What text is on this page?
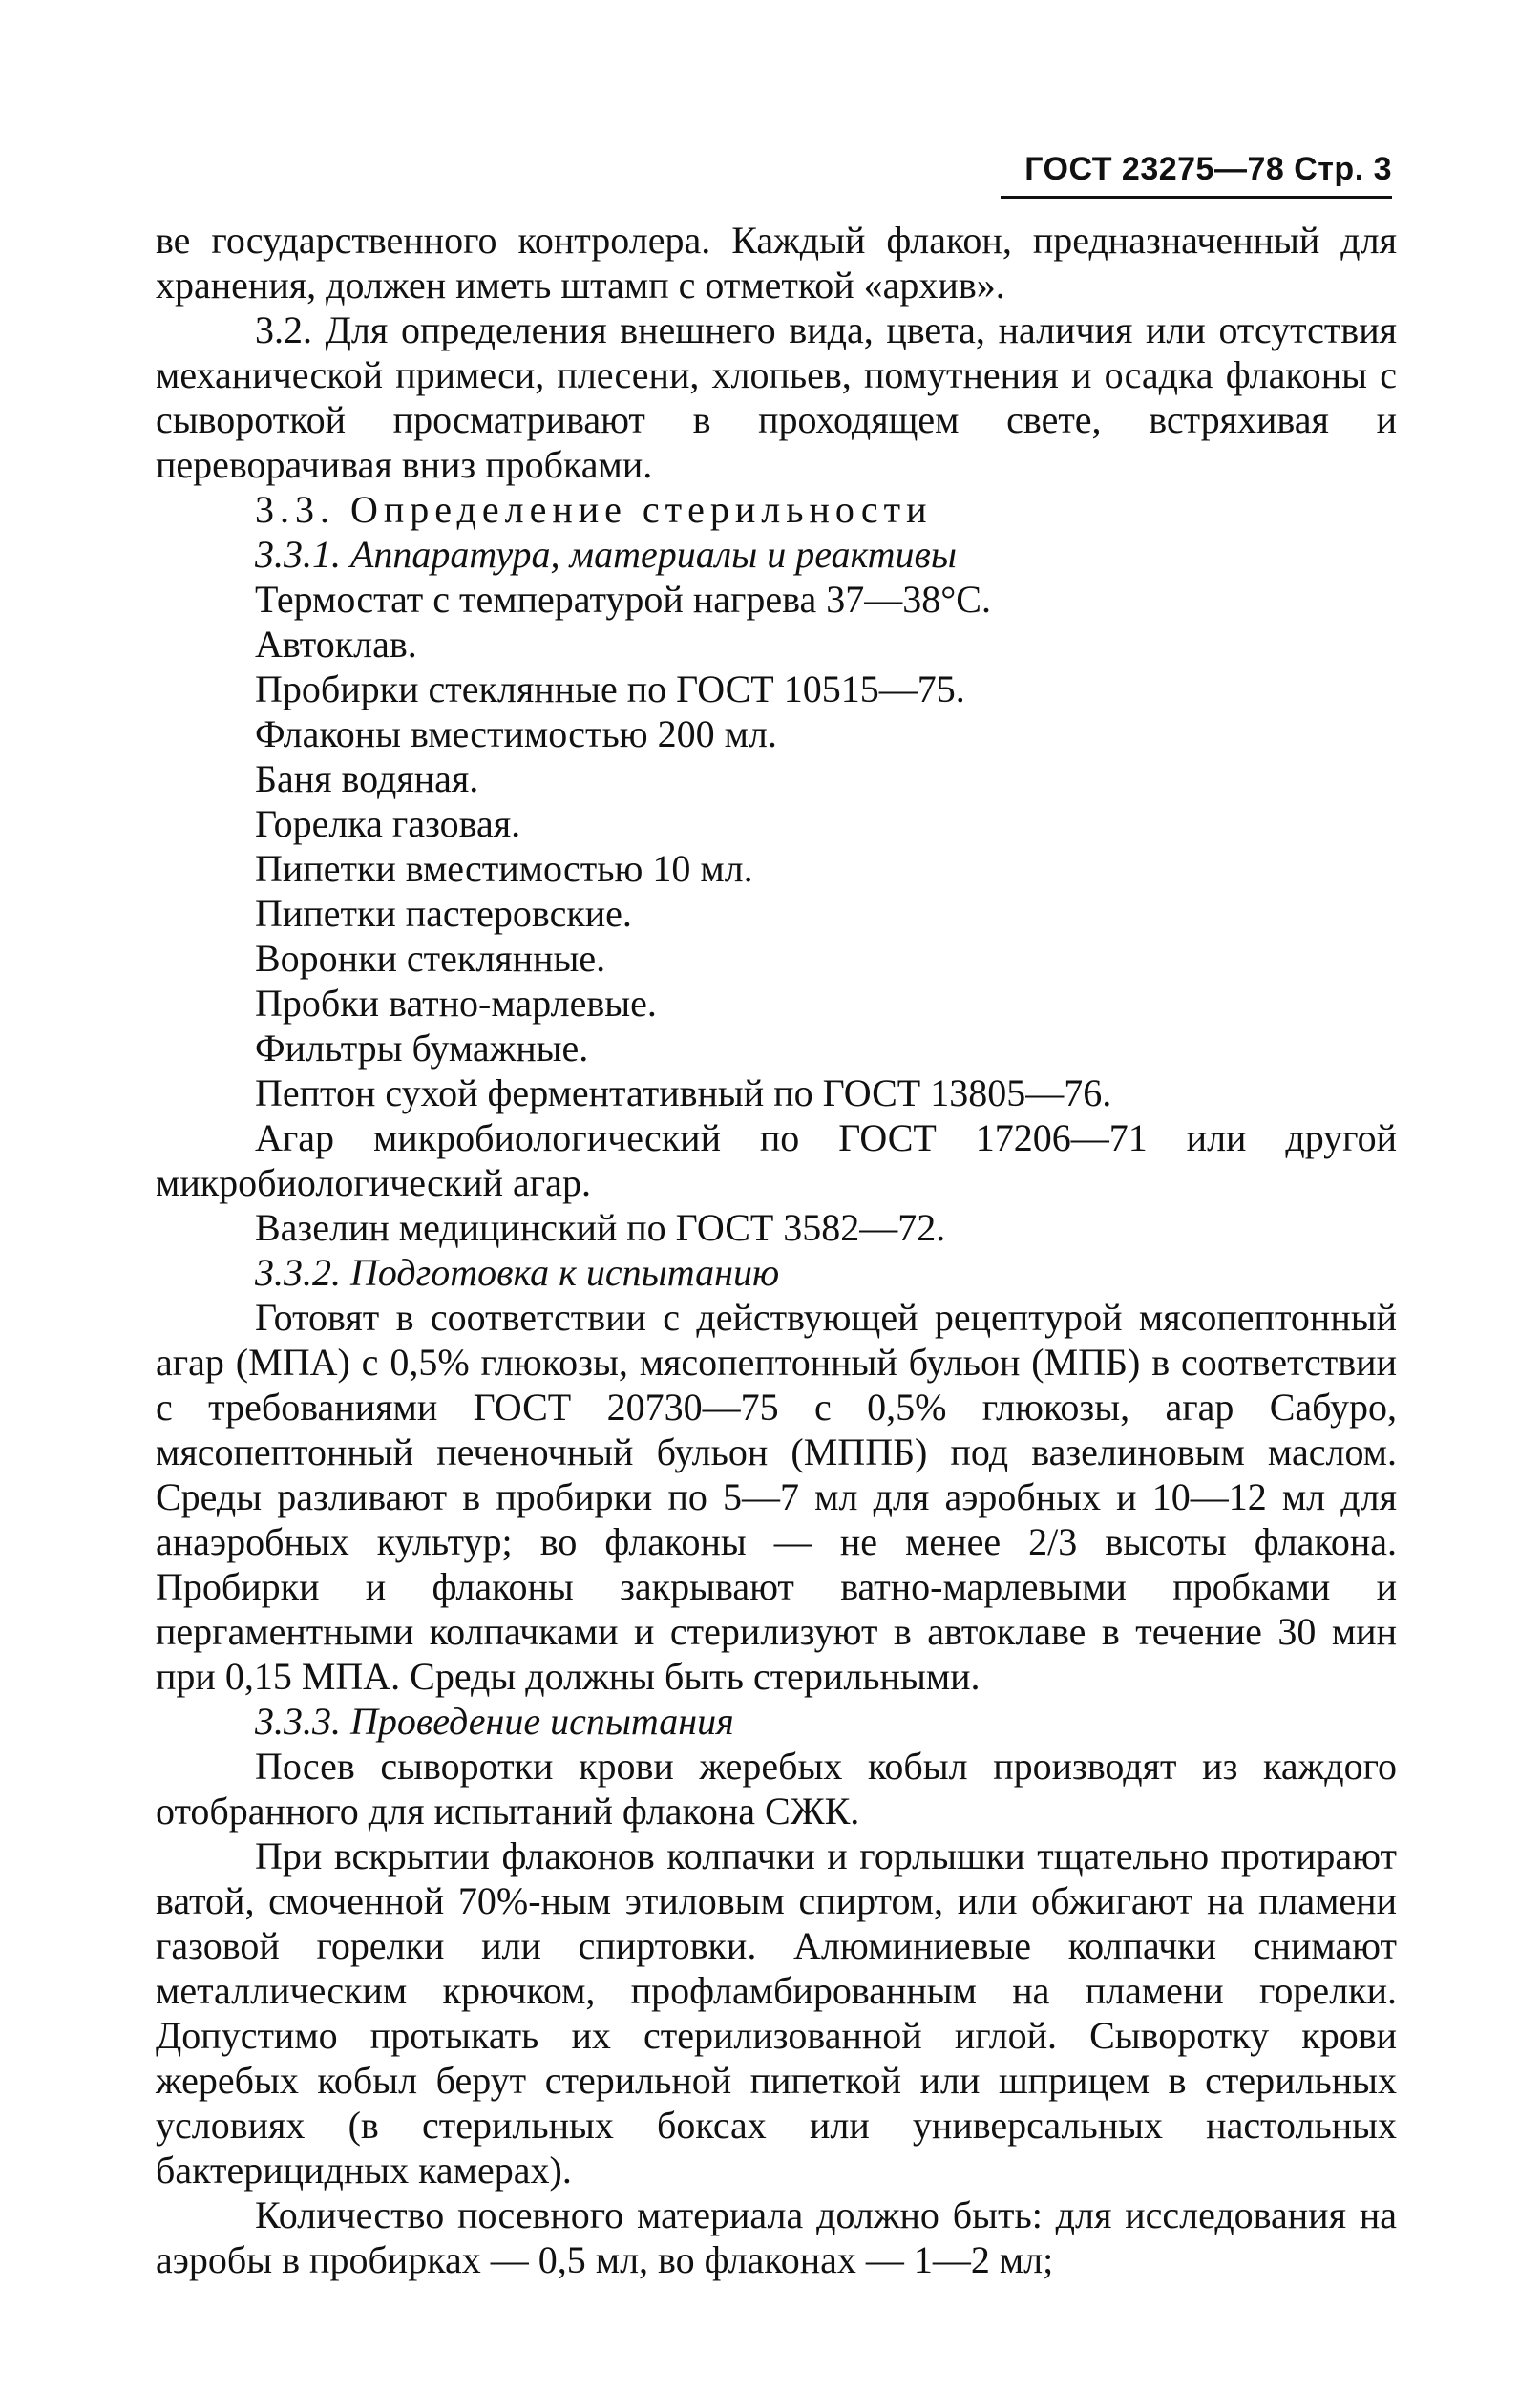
ГОСТ 23275—78 Стр. 3

ве государственного контролера. Каждый флакон, предназначенный для хранения, должен иметь штамп с отметкой «архив».

3.2. Для определения внешнего вида, цвета, наличия или отсутствия механической примеси, плесени, хлопьев, помутнения и осадка флаконы с сывороткой просматривают в проходящем свете, встряхивая и переворачивая вниз пробками.

3.3. Определение стерильности

3.3.1. Аппаратура, материалы и реактивы

Термостат с температурой нагрева 37—38°С.

Автоклав.

Пробирки стеклянные по ГОСТ 10515—75.

Флаконы вместимостью 200 мл.

Баня водяная.

Горелка газовая.

Пипетки вместимостью 10 мл.

Пипетки пастеровские.

Воронки стеклянные.

Пробки ватно-марлевые.

Фильтры бумажные.

Пептон сухой ферментативный по ГОСТ 13805—76.

Агар микробиологический по ГОСТ 17206—71 или другой микробиологический агар.

Вазелин медицинский по ГОСТ 3582—72.

3.3.2. Подготовка к испытанию

Готовят в соответствии с действующей рецептурой мясопептонный агар (МПА) с 0,5% глюкозы, мясопептонный бульон (МПБ) в соответствии с требованиями ГОСТ 20730—75 с 0,5% глюкозы, агар Сабуро, мясопептонный печеночный бульон (МППБ) под вазелиновым маслом. Среды разливают в пробирки по 5—7 мл для аэробных и 10—12 мл для анаэробных культур; во флаконы — не менее 2/3 высоты флакона. Пробирки и флаконы закрывают ватно-марлевыми пробками и пергаментными колпачками и стерилизуют в автоклаве в течение 30 мин при 0,15 МПА. Среды должны быть стерильными.

3.3.3. Проведение испытания

Посев сыворотки крови жеребых кобыл производят из каждого отобранного для испытаний флакона СЖК.

При вскрытии флаконов колпачки и горлышки тщательно протирают ватой, смоченной 70%-ным этиловым спиртом, или обжигают на пламени газовой горелки или спиртовки. Алюминиевые колпачки снимают металлическим крючком, профламбированным на пламени горелки. Допустимо протыкать их стерилизованной иглой. Сыворотку крови жеребых кобыл берут стерильной пипеткой или шприцем в стерильных условиях (в стерильных боксах или универсальных настольных бактерицидных камерах).

Количество посевного материала должно быть: для исследования на аэробы в пробирках — 0,5 мл, во флаконах — 1—2 мл;
